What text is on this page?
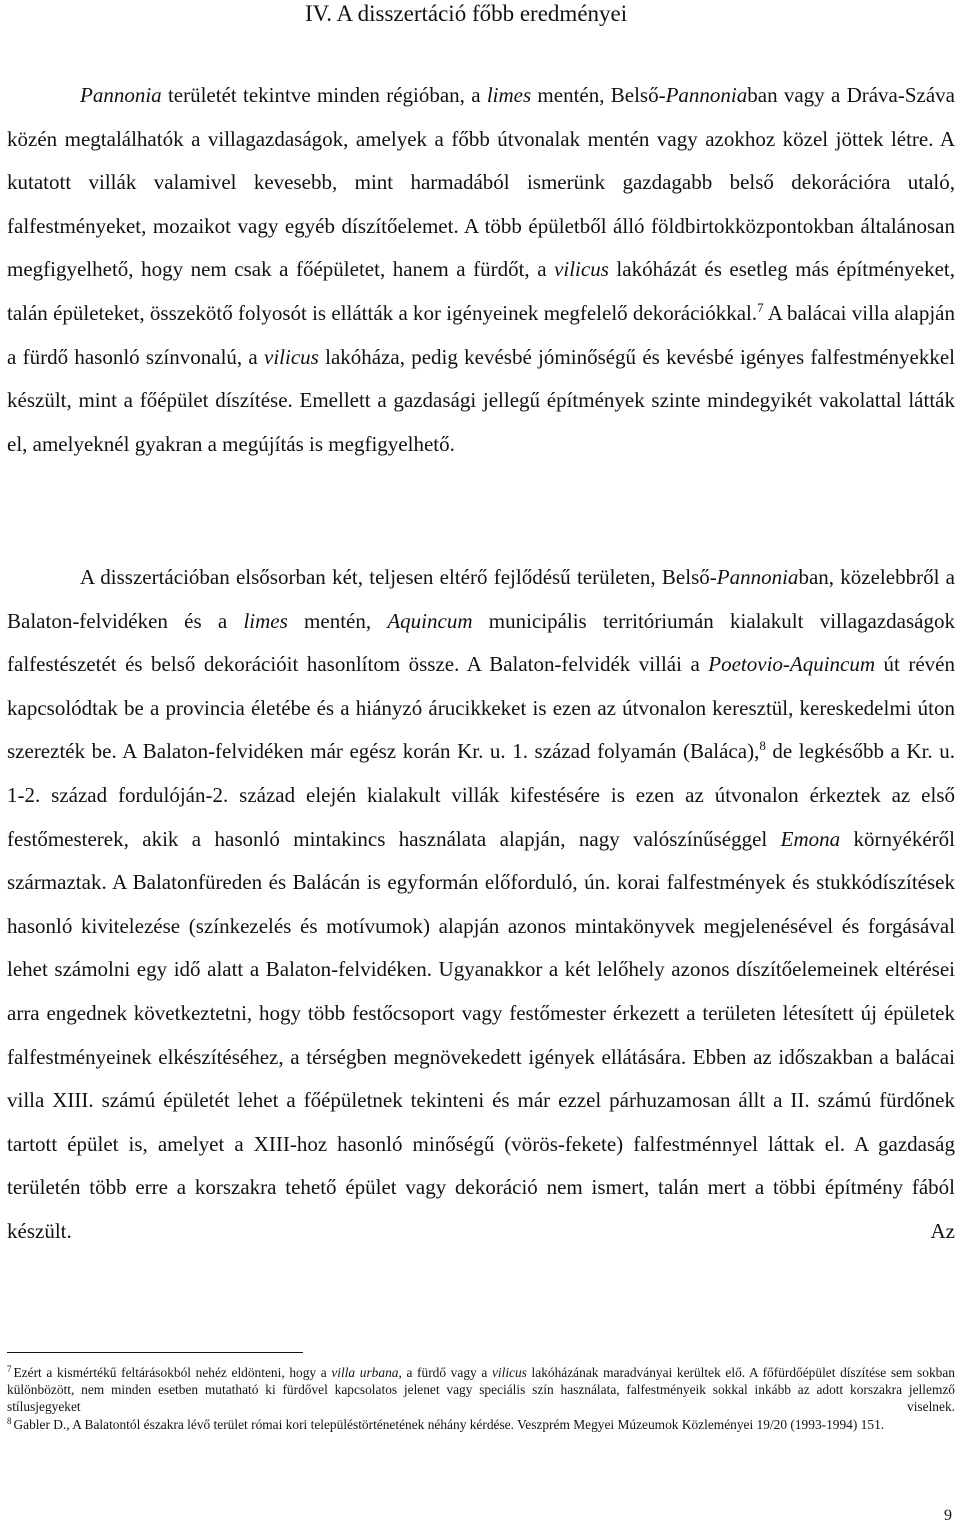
IV. A disszertáció főbb eredményei

Pannonia területét tekintve minden régióban, a limes mentén, Belső-Pannoniaban vagy a Dráva-Száva közén megtalálhatók a villagazdaságok, amelyek a főbb útvonalak mentén vagy azokhoz közel jöttek létre. A kutatott villák valamivel kevesebb, mint harmadából ismerünk gazdagabb belső dekorációra utaló, falfestményeket, mozaikot vagy egyéb díszítőelemet. A több épületből álló földbirtokközpontokban általánosan megfigyelhető, hogy nem csak a főépületet, hanem a fürdőt, a vilicus lakóházát és esetleg más építményeket, talán épületeket, összekötő folyosót is ellátták a kor igényeinek megfelelő dekorációkkal.$^7$ A balácai villa alapján a fürdő hasonló színvonalú, a vilicus lakóháza, pedig kevésbé jóminőségű és kevésbé igényes falfestményekkel készült, mint a főépület díszítése. Emellett a gazdasági jellegű építmények szinte mindegyikét vakolattal látták el, amelyeknél gyakran a megújítás is megfigyelhető.

A disszertációban elsősorban két, teljesen eltérő fejlődésű területen, Belső-Pannoniaban, közelebbről a Balaton-felvidéken és a limes mentén, Aquincum municipális territóriumán kialakult villagazdaságok falfestészetét és belső dekorációit hasonlítom össze. A Balaton-felvidék villái a Poetovio-Aquincum út révén kapcsolódtak be a provincia életébe és a hiányzó árucikkeket is ezen az útvonalon keresztül, kereskedelmi úton szerezték be. A Balaton-felvidéken már egész korán Kr. u. 1. század folyamán (Baláca),$^8$ de legkésőbb a Kr. u. 1-2. század fordulóján-2. század elején kialakult villák kifestésére is ezen az útvonalon érkeztek az első festőmesterek, akik a hasonló mintakincs használata alapján, nagy valószínűséggel Emona környékéről származtak. A Balatonfüreden és Balácán is egyformán előforduló, ún. korai falfestmények és stukkódíszítések hasonló kivitelezése (színkezelés és motívumok) alapján azonos mintakönyvek megjelenésével és forgásával lehet számolni egy idő alatt a Balaton-felvidéken. Ugyanakkor a két lelőhely azonos díszítőelemeinek eltérései arra engednek következtetni, hogy több festőcsoport vagy festőmester érkezett a területen létesített új épületek falfestményeinek elkészítéséhez, a térségben megnövekedett igények ellátására. Ebben az időszakban a balácai villa XIII. számú épületét lehet a főépületnek tekinteni és már ezzel párhuzamosan állt a II. számú fürdőnek tartott épület is, amelyet a XIII-hoz hasonló minőségű (vörös-fekete) falfestménnyel láttak el. A gazdaság területén több erre a korszakra tehető épület vagy dekoráció nem ismert, talán mert a többi építmény fából készült. Az

$^7$ Ezért a kismértékű feltárásokból nehéz eldönteni, hogy a villa urbana, a fürdő vagy a vilicus lakóházának maradványai kerültek elő. A főfürdőépület díszítése sem sokban különbözött, nem minden esetben mutatható ki fürdővel kapcsolatos jelenet vagy speciális szín használata, falfestményeik sokkal inkább az adott korszakra jellemző stílusjegyeket viselnek.

$^8$ Gabler D., A Balatontól északra lévő terület római kori településtörténetének néhány kérdése. Veszprém Megyei Múzeumok Közleményei 19/20 (1993-1994) 151.

9
